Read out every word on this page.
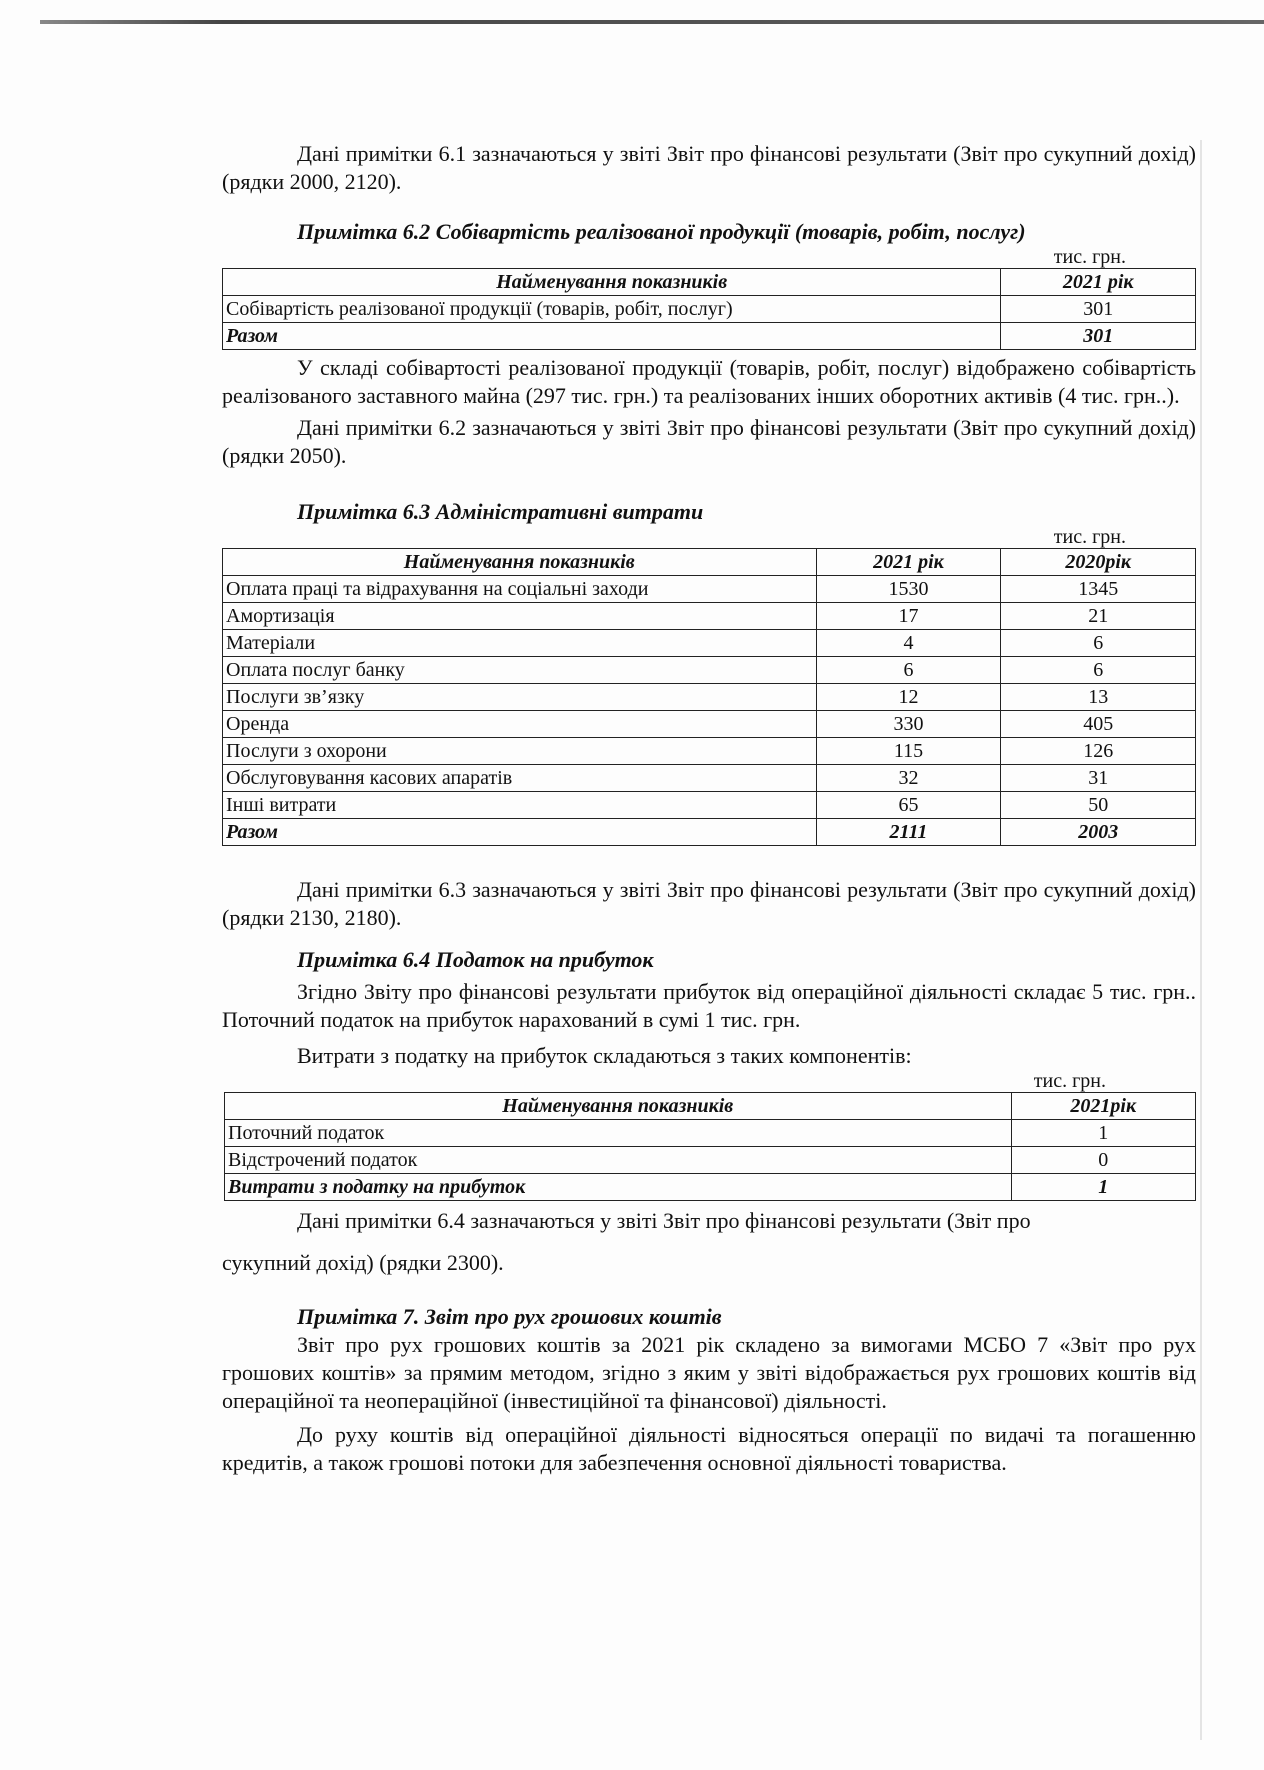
Дані примітки 6.1 зазначаються у звіті Звіт про фінансові результати (Звіт про сукупний дохід) (рядки 2000, 2120).

Примітка 6.2 Собівартість реалізованої продукції (товарів, робіт, послуг)
тис. грн.
Найменування показників	2021 рік
Собівартість реалізованої продукції (товарів, робіт, послуг)	301
Разом	301

У складі собівартості реалізованої продукції (товарів, робіт, послуг) відображено собівартість реалізованого заставного майна (297 тис. грн.) та реалізованих інших оборотних активів (4 тис. грн..).

Дані примітки 6.2 зазначаються у звіті Звіт про фінансові результати (Звіт про сукупний дохід) (рядки 2050).

Примітка 6.3 Адміністративні витрати
тис. грн.
Найменування показників	2021 рік	2020рік
Оплата праці та відрахування на соціальні заходи	1530	1345
Амортизація	17	21
Матеріали	4	6
Оплата послуг банку	6	6
Послуги зв’язку	12	13
Оренда	330	405
Послуги з охорони	115	126
Обслуговування касових апаратів	32	31
Інші витрати	65	50
Разом	2111	2003

Дані примітки 6.3 зазначаються у звіті Звіт про фінансові результати (Звіт про сукупний дохід) (рядки 2130, 2180).

Примітка 6.4 Податок на прибуток

Згідно Звіту про фінансові результати прибуток від операційної діяльності складає 5 тис. грн.. Поточний податок на прибуток нарахований в сумі 1 тис. грн.

Витрати з податку на прибуток складаються з таких компонентів:

тис. грн.
Найменування показників	2021рік
Поточний податок	1
Відстрочений податок	0
Витрати з податку на прибуток	1

Дані примітки 6.4 зазначаються у звіті Звіт про фінансові результати (Звіт про

сукупний дохід) (рядки 2300).

Примітка 7. Звіт про рух грошових коштів

Звіт про рух грошових коштів за 2021 рік складено за вимогами МСБО 7 «Звіт про рух грошових коштів» за прямим методом, згідно з яким у звіті відображається рух грошових коштів від операційної та неопераційної (інвестиційної та фінансової) діяльності.

До руху коштів від операційної діяльності відносяться операції по видачі та погашенню кредитів, а також грошові потоки для забезпечення основної діяльності товариства.
